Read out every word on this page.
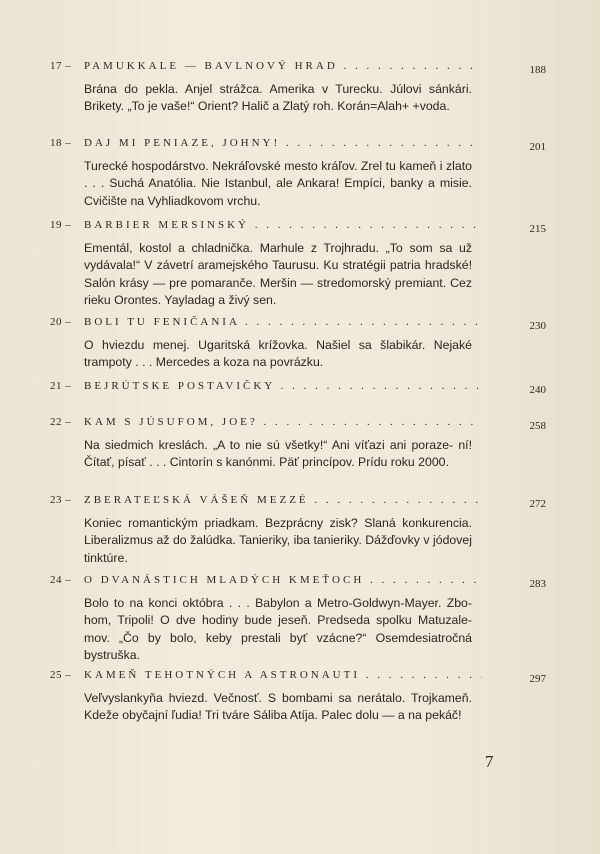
17 – PAMUKKALE — BAVLNOVÝ HRAD . . .	188
Brána do pekla. Anjel strážca. Amerika v Turecku. Júlovi sánkári. Brikety. „To je vaše!“ Orient? Halič a Zlatý roh. Korán=Alah+ +voda.
18 – DAJ MI PENIAZE, JOHNY! . . .	201
Turecké hospodárstvo. Nekráľovské mesto kráľov. Zrel tu kameň i zlato . . . Suchá Anatólia. Nie Istanbul, ale Ankara! Empíci, banky a misie. Cvičište na Vyhliadkovom vrchu.
19 – BARBIER MERSINSKÝ . . .	215
Ementál, kostol a chladnička. Marhule z Trojhradu. „To som sa už vydávala!“ V závetrí aramejského Taurusu. Ku stratégii patria hradské! Salón krásy — pre pomaranče. Meršin — stredomorský premiant. Cez rieku Orontes. Yayladag a živý sen.
20 – BOLI TU FENIČANIA . . .	230
O hviezdu menej. Ugaritská krížovka. Našiel sa šlabikár. Nejaké trampoty . . . Mercedes a koza na povrázku.
21 – BEJRÚTSKE POSTAVIČKY . . .	240
22 – KAM S JÚSUFOM, JOE? . . .	258
Na siedmich kreslách. „A to nie sú všetky!“ Ani víťazi ani poraze- ní! Čítať, písať . . . Cintorín s kanónmi. Päť princípov. Prídu roku 2000.
23 – ZBERATEĽSKÁ VÁŠEŇ MEZZÉ . . .	272
Koniec romantickým priadkam. Bezprácny zisk? Slaná konkurencia. Liberalizmus až do žalúdka. Tanieriky, iba tanieriky. Dážďovky v jódovej tinktúre.
24 – O DVANÁSTICH MLADÝCH KMEŤOCH . . .	283
Bolo to na konci októbra . . . Babylon a Metro-Goldwyn-Mayer. Zbo- hom, Tripoli! O dve hodiny bude jeseň. Predseda spolku Matuzale- mov. „Čo by bolo, keby prestali byť vzácne?“ Osemdesiatročná bystruška.
25 – KAMEŇ TEHOTNÝCH A ASTRONAUTI . . .	297
Veľvyslankyňa hviezd. Večnosť. S bombami sa nerátalo. Trojkameň. Kdeže obyčajní ľudia! Tri tváre Sáliba Atíja. Palec dolu — a na pekáč!
7
